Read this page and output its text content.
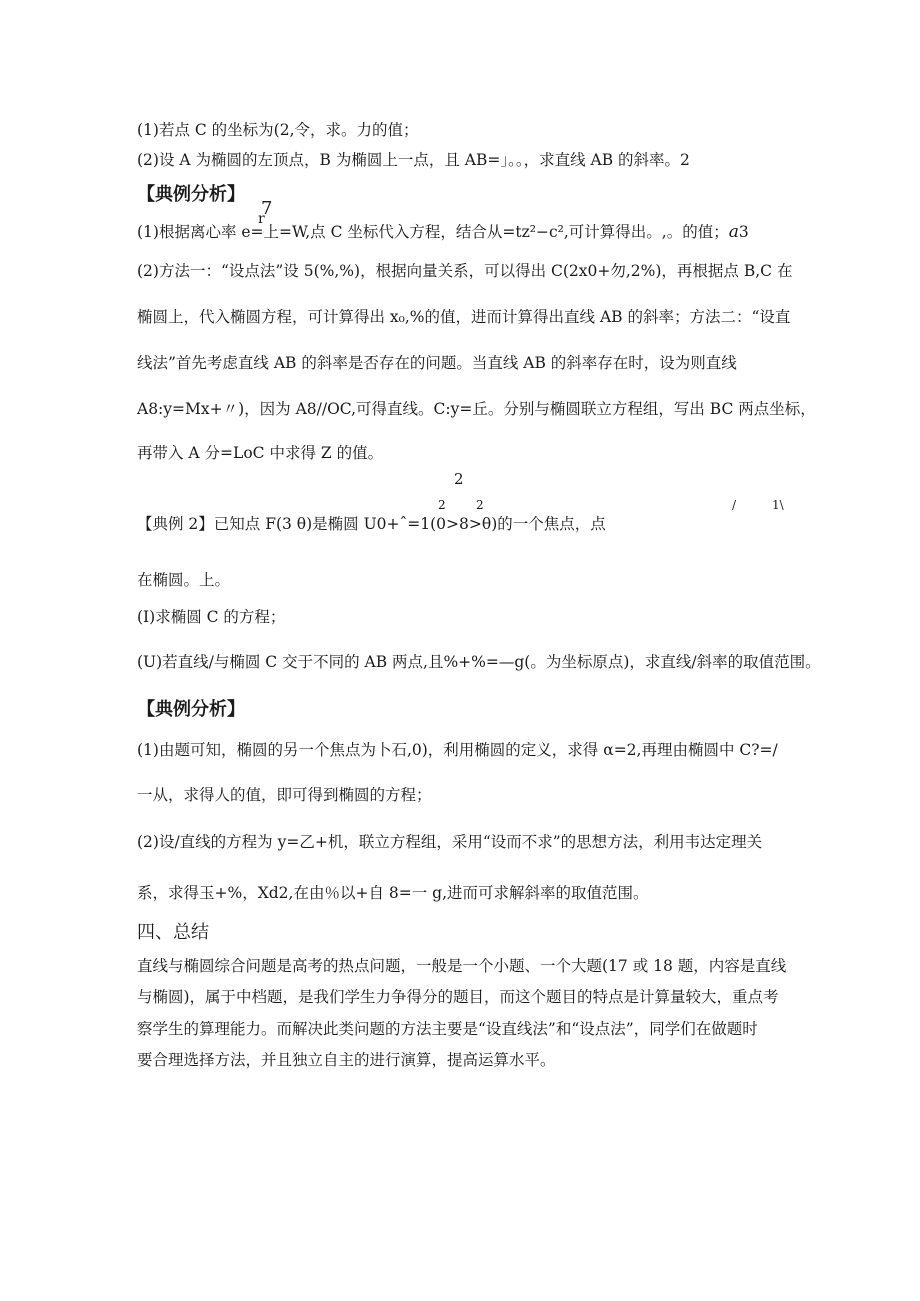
(1)若点 C 的坐标为(2,令，求。力的值；
(2)设 A 为椭圆的左顶点，B 为椭圆上一点，且 AB=」。。，求直线 AB 的斜率。2
【典例分析】
7
r
(1)根据离心率 e=上=W,点 C 坐标代入方程，结合从=tz²−c²,可计算得出。,。的值；a3
(2)方法一：“设点法”设 5(%,%)，根据向量关系，可以得出 C(2x0+勿,2%)，再根据点 B,C 在
椭圆上，代入椭圆方程，可计算得出 x₀,%的值，进而计算得出直线 AB 的斜率；方法二：“设直
线法”首先考虑直线 AB 的斜率是否存在的问题。当直线 AB 的斜率存在时，设为则直线
A8:y=Mx+〃)，因为 A8//OC,可得直线。C:y=丘。分别与椭圆联立方程组，写出 BC 两点坐标，
再带入 A 分=LoC 中求得 Z 的值。
2
2	2	/	1\
【典例 2】已知点 F(3 θ)是椭圆 U0+ˆ=1(0>8>θ)的一个焦点，点
在椭圆。上。
(I)求椭圆 C 的方程；
(U)若直线/与椭圆 C 交于不同的 AB 两点,且%+%=—g(。为坐标原点)，求直线/斜率的取值范围。
【典例分析】
(1)由题可知，椭圆的另一个焦点为卜石,0)，利用椭圆的定义，求得 α=2,再理由椭圆中 C?=/
一从，求得人的值，即可得到椭圆的方程；
(2)设/直线的方程为 y=乙+机，联立方程组，采用“设而不求”的思想方法，利用韦达定理关
系，求得玉+%，Xd2,在由％以+自 8=一 g,进而可求解斜率的取值范围。
四、总结
直线与椭圆综合问题是高考的热点问题，一般是一个小题、一个大题(17 或 18 题，内容是直线
与椭圆)，属于中档题，是我们学生力争得分的题目，而这个题目的特点是计算量较大，重点考
察学生的算理能力。而解决此类问题的方法主要是“设直线法”和“设点法”，同学们在做题时
要合理选择方法，并且独立自主的进行演算，提高运算水平。
